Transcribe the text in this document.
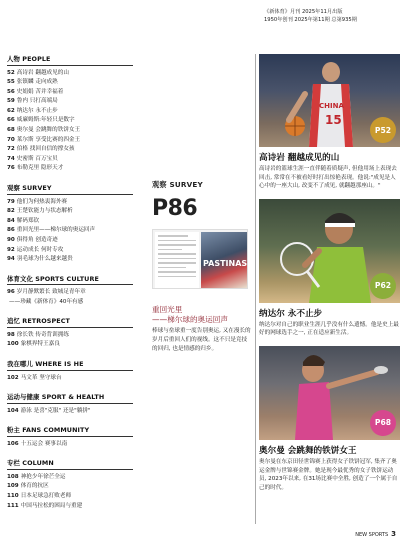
《新体育》月刊 2025年11月出版
1950年创刊 2025年第11期 总第935期
人物 PEOPLE
52 高诗岩 翻越成见的山
55 张镇麟 走向成熟
56 史娟娟 苦并幸福着
59 鲁内 只打高端局
62 纳达尔 永不止步
66 威廉姆斯:年轻只是数字
68 奥尔曼 会跳舞的铁饼女王
70 莱尔斯 享受比赛的四金王
72 伯格 找回自信的撑女孩
74 史密斯 百万宝贝
76 布勒克里 隐形天才
观察 SURVEY
79 他们为何热衷海外赛
82 王楚钦能力与状态解析
84 解码郑钦
86 重回光里——梯尔球的奥运回声
90 俱得角 创造奇迹
92 运动成长 何时专攻
94 羽毛球为什么越来越贵
体育文化 SPORTS CULTURE
96 岁月静默繁长 致城足青年章
——珍藏《新体育》40年有感
追忆 RETROSPECT
98 徐长铁 传奇背训拥练
100 象棋界特王嘉良
我在哪儿 WHERE IS HE
102 马文革 坚守球台
运动与健康 SPORT & HEALTH
104 游泳 是喜"克服" 还是"躺拼"
粉主 FANS COMMUNITY
106 十五运会 赛事以南
专栏 COLUMN
108 神抢少年徐芒全运
109 体育的抗区
110 日本足球急打败老师
111 中国马拉松的困局与重建
观察 SURVEY
P86
PASTINAS
重回光里
——梯尔球的奥运回声
棒球与垒球重一度告别奥运, 又在漫长的岁月后重回人们的视线。这不只是竞技的回归, 也是情感的归乡。
CHINA
15
P52
高诗岩 翻越成见的山
高诗岩的篮球生涯一直伴随着质疑声, 但他用场上表现去回击, 常常在不被看好时打出惊艳表现。他说:"成见是人心中的一座大山, 改变不了成见, 就翻越那座山。"
P62
纳达尔 永不止步
纳达尔对自己的职业生涯几乎没有什么遗憾。他是史上最好的网球选手之一, 正在适应新生活。
P68
奥尔曼 会跳舞的铁饼女王
奥尔曼在东京田径世锦赛上获得女子铁饼冠军, 集齐了奥运金牌与世锦赛金牌。她是现今最优秀的女子铁饼运动员, 2023年以来, 在31场比赛中全胜, 创造了一个属于自己的时代。
NEW SPORTS 3
